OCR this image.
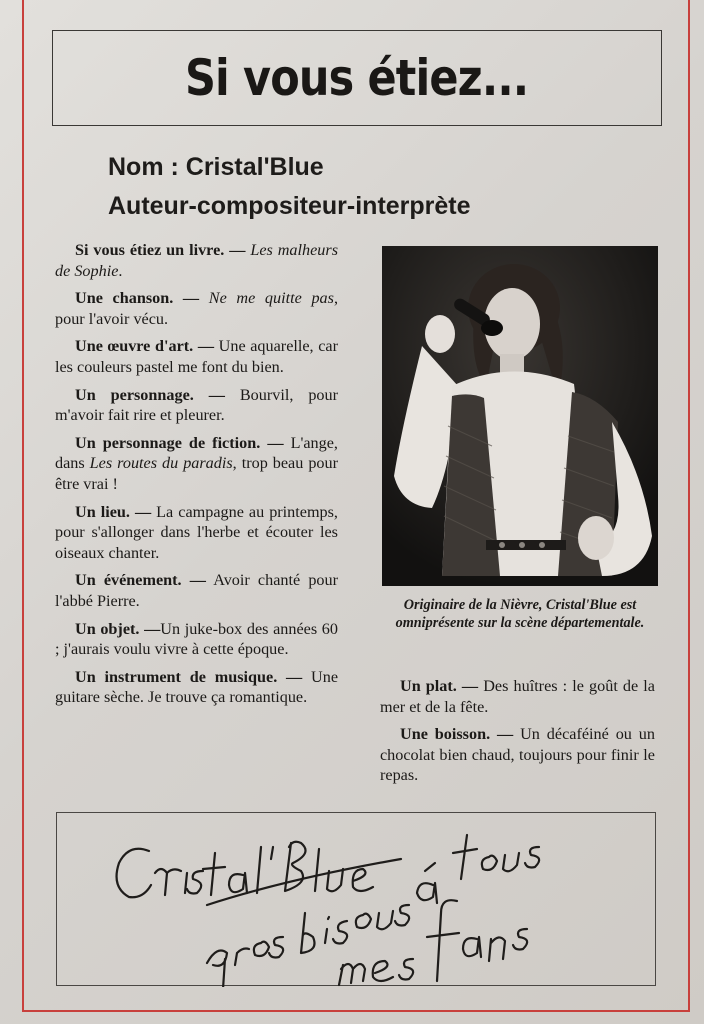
Si vous étiez...
Nom : Cristal'Blue
Auteur-compositeur-interprète

Si vous étiez un livre. — Les malheurs de Sophie.

Une chanson. — Ne me quitte pas, pour l'avoir vécu.

Une œuvre d'art. — Une aquarelle, car les couleurs pastel me font du bien.

Un personnage. — Bourvil, pour m'avoir fait rire et pleurer.

Un personnage de fiction. — L'ange, dans Les routes du paradis, trop beau pour être vrai !

Un lieu. — La campagne au printemps, pour s'allonger dans l'herbe et écouter les oiseaux chanter.

Un événement. — Avoir chanté pour l'abbé Pierre.

Un objet. —Un juke-box des années 60 ; j'aurais voulu vivre à cette époque.

Un instrument de musique. — Une guitare sèche. Je trouve ça romantique.

Originaire de la Nièvre, Cristal'Blue est omniprésente sur la scène départementale.

Un plat. — Des huîtres : le goût de la mer et de la fête.

Une boisson. — Un décaféiné ou un chocolat bien chaud, toujours pour finir le repas.
